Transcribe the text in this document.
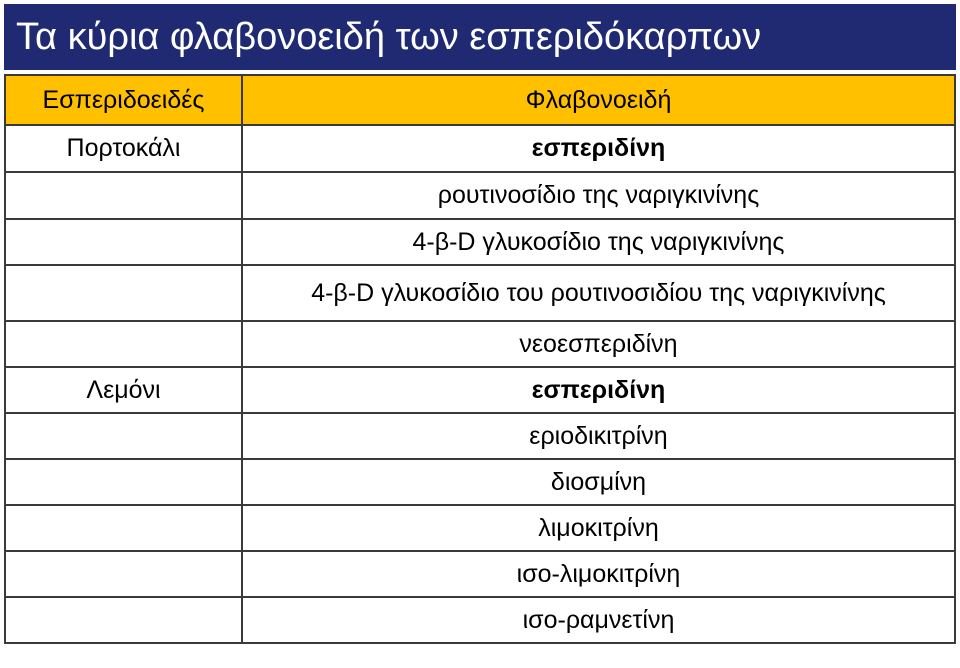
Τα κύρια φλαβονοειδή των εσπεριδόκαρπων
Εσπεριδοειδές	Φλαβονοειδή
Πορτοκάλι	εσπεριδίνη
	ρουτινοσίδιο της ναριγκινίνης
	4-β-D γλυκοσίδιο της ναριγκινίνης
	4-β-D γλυκοσίδιο του ρουτινοσιδίου της ναριγκινίνης
	νεοεσπεριδίνη
Λεμόνι	εσπεριδίνη
	εριοδικιτρίνη
	διοσμίνη
	λιμοκιτρίνη
	ισο-λιμοκιτρίνη
	ισο-ραμνετίνη
